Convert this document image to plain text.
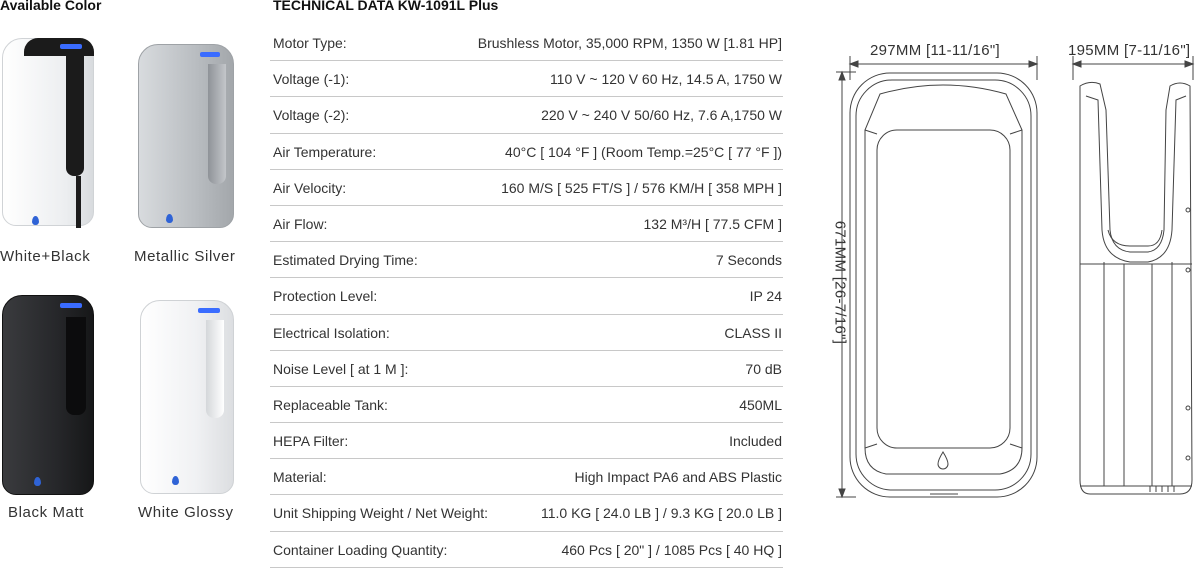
Available Color
White+Black	Metallic Silver
Black Matt	White Glossy
TECHNICAL DATA KW-1091L Plus
Motor Type:	Brushless Motor, 35,000 RPM, 1350 W [1.81 HP]
Voltage (-1):	110 V ~ 120 V 60 Hz, 14.5 A, 1750 W
Voltage (-2):	220 V ~ 240 V 50/60 Hz, 7.6 A,1750 W
Air Temperature:	40°C [ 104 °F ] (Room Temp.=25°C [ 77 °F ])
Air Velocity:	160 M/S [ 525 FT/S ] / 576 KM/H [ 358 MPH ]
Air Flow:	132 M³/H [ 77.5 CFM ]
Estimated Drying Time:	7 Seconds
Protection Level:	IP 24
Electrical Isolation:	CLASS II
Noise Level [ at 1 M ]:	70 dB
Replaceable Tank:	450ML
HEPA Filter:	Included
Material:	High Impact PA6 and ABS Plastic
Unit Shipping Weight / Net Weight:	11.0 KG [ 24.0 LB ] / 9.3 KG [ 20.0 LB ]
Container Loading Quantity:	460 Pcs [ 20" ] / 1085 Pcs [ 40 HQ ]
297MM [11-11/16"]	195MM [7-11/16"]
671MM [26-7/16"]
